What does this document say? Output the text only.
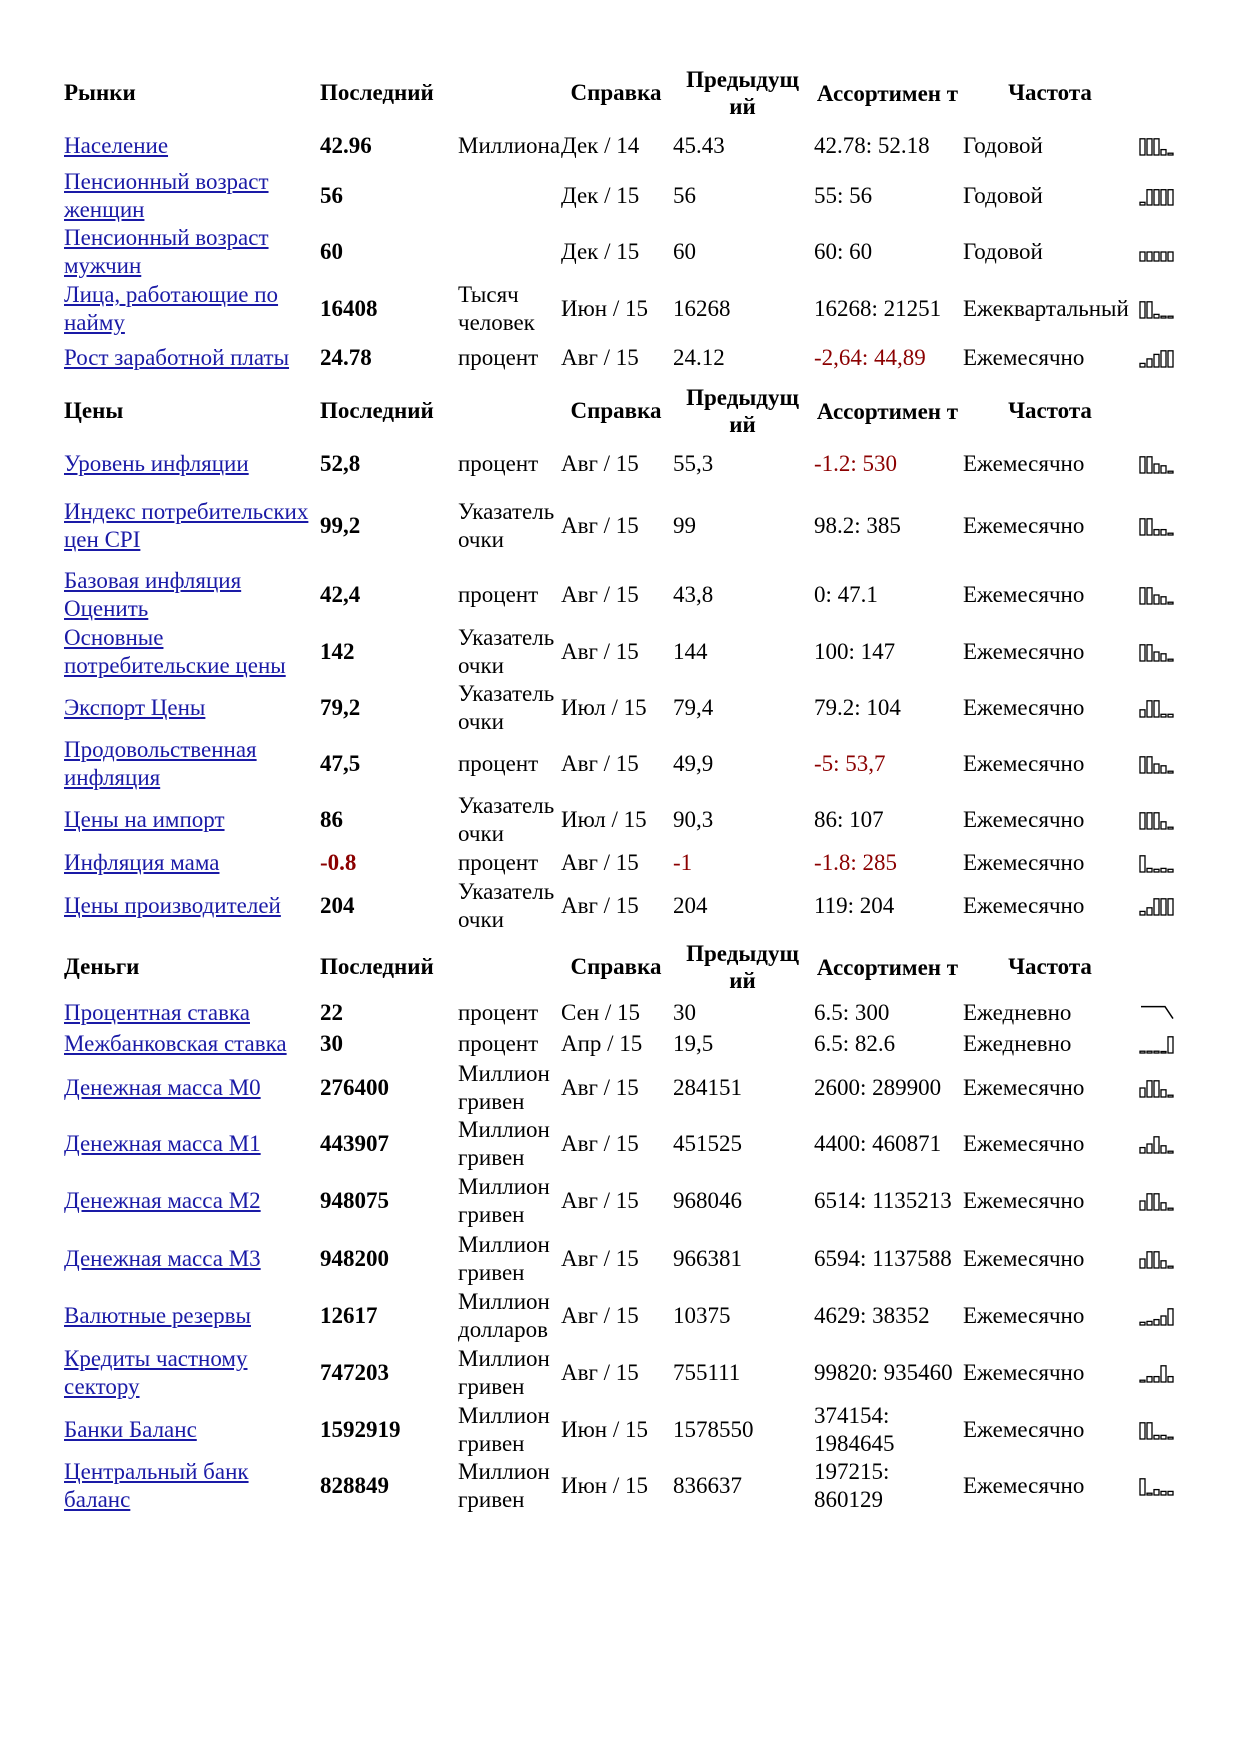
Рынки	Последний		Справка	Предыдущ ий	Ассортимен т	Частота	
Население	42.96	Миллиона	Дек / 14	45.43	42.78: 52.18	Годовой	

Пенсионный возраст женщин	56		Дек / 15	56	55: 56	Годовой	

Пенсионный возраст мужчин	60		Дек / 15	60	60: 60	Годовой	

Лица, работающие по найму	16408	Тысяч человек	Июн / 15	16268	16268: 21251	Ежеквартальный	

Рост заработной платы	24.78	процент	Авг / 15	24.12	-2,64: 44,89	Ежемесячно	

Цены	Последний		Справка	Предыдущ ий	Ассортимен т	Частота	
Уровень инфляции	52,8	процент	Авг / 15	55,3	-1.2: 530	Ежемесячно	

Индекс потребительских цен CPI	99,2	Указатель очки	Авг / 15	99	98.2: 385	Ежемесячно	

Базовая инфляция Оценить	42,4	процент	Авг / 15	43,8	0: 47.1	Ежемесячно	

Основные потребительские цены	142	Указатель очки	Авг / 15	144	100: 147	Ежемесячно	

Экспорт Цены	79,2	Указатель очки	Июл / 15	79,4	79.2: 104	Ежемесячно	

Продовольственная инфляция	47,5	процент	Авг / 15	49,9	-5: 53,7	Ежемесячно	

Цены на импорт	86	Указатель очки	Июл / 15	90,3	86: 107	Ежемесячно	

Инфляция мама	-0.8	процент	Авг / 15	-1	-1.8: 285	Ежемесячно	

Цены производителей	204	Указатель очки	Авг / 15	204	119: 204	Ежемесячно	

Деньги	Последний		Справка	Предыдущ ий	Ассортимен т	Частота	
Процентная ставка	22	процент	Сен / 15	30	6.5: 300	Ежедневно	

Межбанковская ставка	30	процент	Апр / 15	19,5	6.5: 82.6	Ежедневно	

Денежная масса M0	276400	Миллион гривен	Авг / 15	284151	2600: 289900	Ежемесячно	

Денежная масса M1	443907	Миллион гривен	Авг / 15	451525	4400: 460871	Ежемесячно	

Денежная масса M2	948075	Миллион гривен	Авг / 15	968046	6514: 1135213	Ежемесячно	

Денежная масса M3	948200	Миллион гривен	Авг / 15	966381	6594: 1137588	Ежемесячно	

Валютные резервы	12617	Миллион долларов	Авг / 15	10375	4629: 38352	Ежемесячно	

Кредиты частному сектору	747203	Миллион гривен	Авг / 15	755111	99820: 935460	Ежемесячно	

Банки Баланс	1592919	Миллион гривен	Июн / 15	1578550	374154: 1984645	Ежемесячно	

Центральный банк баланс	828849	Миллион гривен	Июн / 15	836637	197215: 860129	Ежемесячно	
